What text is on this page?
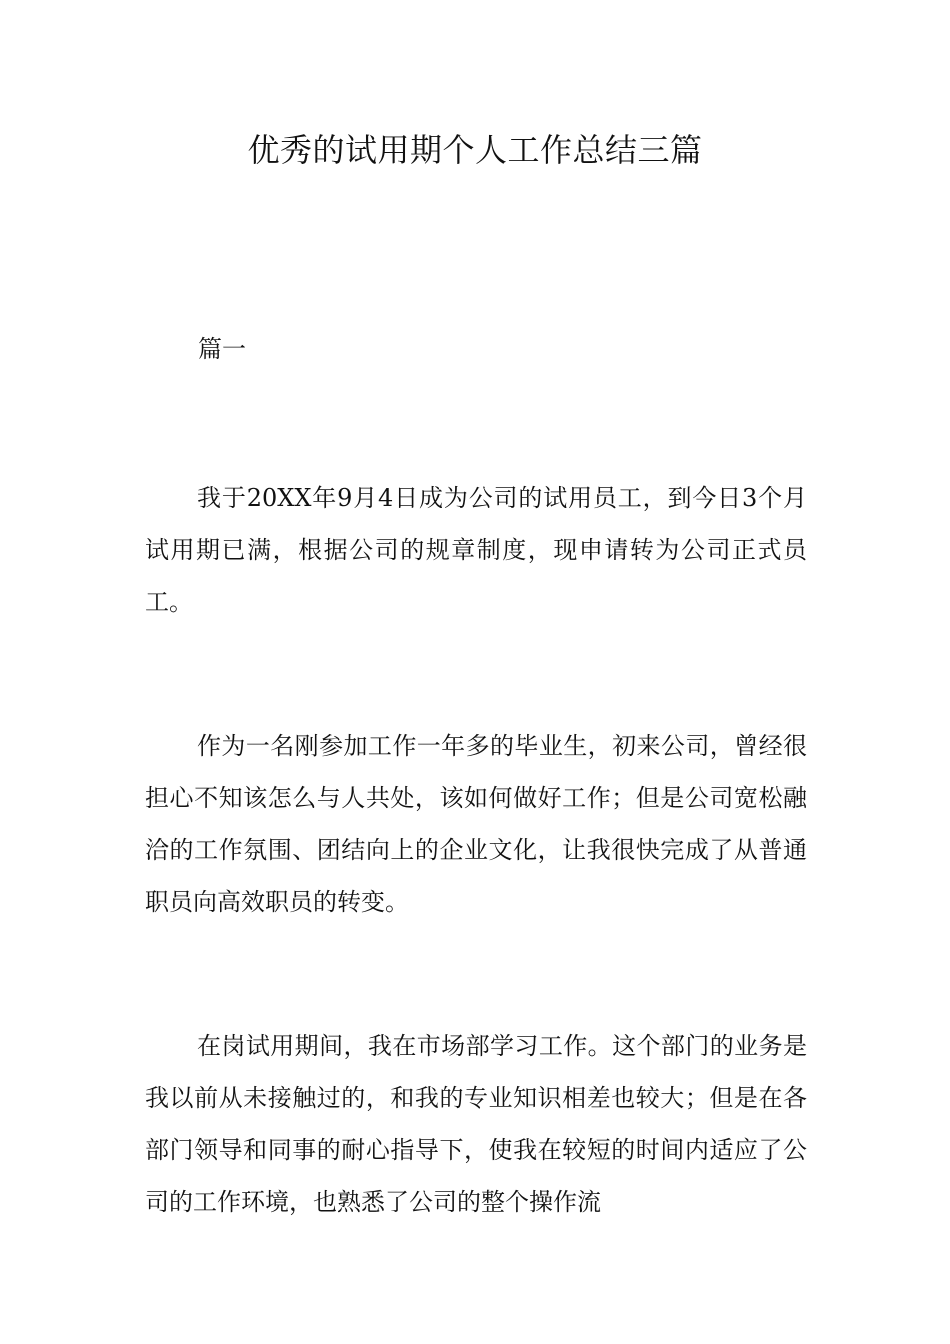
优秀的试用期个人工作总结三篇

篇一

我于20XX年9月4日成为公司的试用员工，到今日3个月试用期已满，根据公司的规章制度，现申请转为公司正式员工。

作为一名刚参加工作一年多的毕业生，初来公司，曾经很担心不知该怎么与人共处，该如何做好工作；但是公司宽松融洽的工作氛围、团结向上的企业文化，让我很快完成了从普通职员向高效职员的转变。

在岗试用期间，我在市场部学习工作。这个部门的业务是我以前从未接触过的，和我的专业知识相差也较大；但是在各部门领导和同事的耐心指导下，使我在较短的时间内适应了公司的工作环境，也熟悉了公司的整个操作流
